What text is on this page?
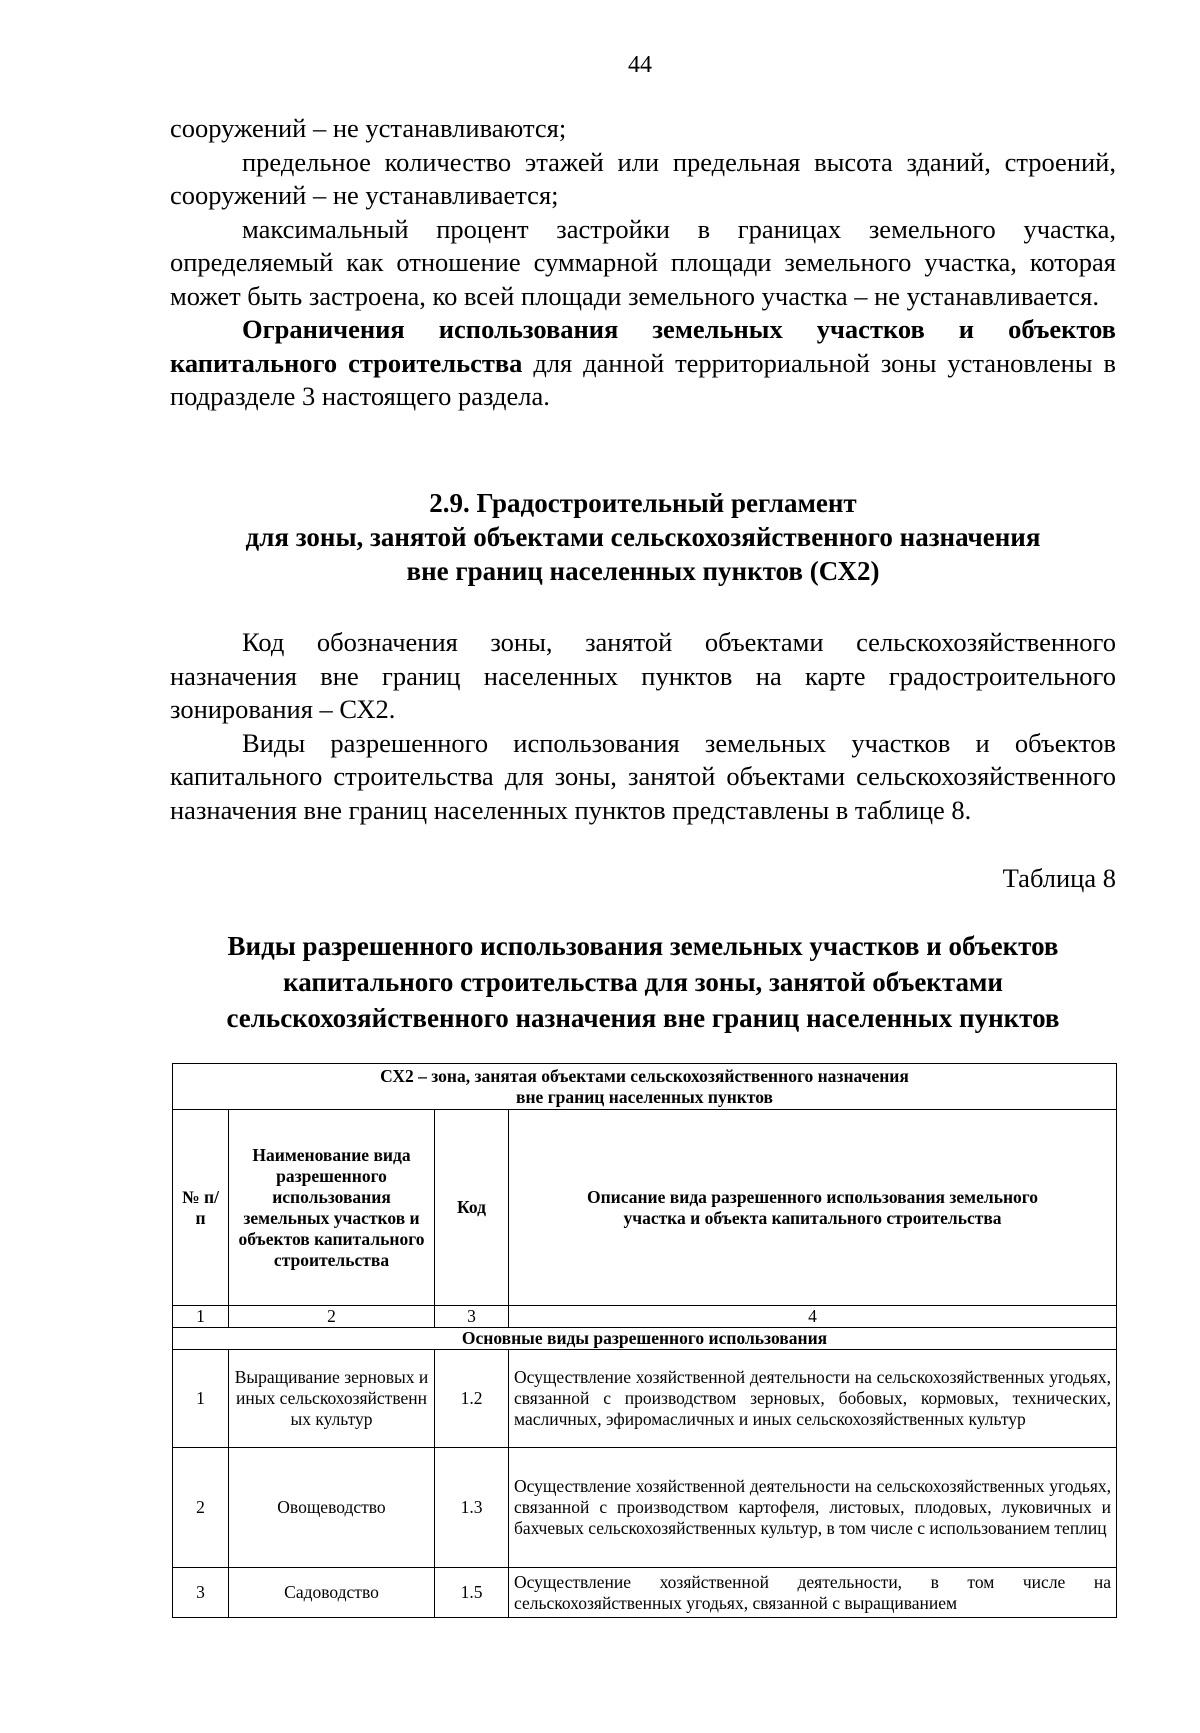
44

сооружений – не устанавливаются;

предельное количество этажей или предельная высота зданий, строений, сооружений – не устанавливается;

максимальный процент застройки в границах земельного участка, определяемый как отношение суммарной площади земельного участка, которая может быть застроена, ко всей площади земельного участка – не устанавливается.

Ограничения использования земельных участков и объектов капитального строительства для данной территориальной зоны установлены в подразделе 3 настоящего раздела.

2.9. Градостроительный регламент
для зоны, занятой объектами сельскохозяйственного назначения
вне границ населенных пунктов (СХ2)

Код обозначения зоны, занятой объектами сельскохозяйственного назначения вне границ населенных пунктов на карте градостроительного зонирования – СХ2.

Виды разрешенного использования земельных участков и объектов капитального строительства для зоны, занятой объектами сельскохозяйственного назначения вне границ населенных пунктов представлены в таблице 8.

Таблица 8

Виды разрешенного использования земельных участков и объектов
капитального строительства для зоны, занятой объектами
сельскохозяйственного назначения вне границ населенных пунктов
СХ2 – зона, занятая объектами сельскохозяйственного назначения
вне границ населенных пунктов			

№ п/п	Наименование вида разрешенного использования земельных участков и объектов капитального строительства	Код	Описание вида разрешенного использования земельного участка и объекта капитального строительства
1	2	3	4
Основные виды разрешенного использования			
1	Выращивание зерновых и иных сельскохозяйственн ых культур	1.2	Осуществление хозяйственной деятельности на сельскохозяйственных угодьях, связанной с производством зерновых, бобовых, кормовых, технических, масличных, эфиромасличных и иных сельскохозяйственных культур
2	Овощеводство	1.3	Осуществление хозяйственной деятельности на сельскохозяйственных угодьях, связанной с производством картофеля, листовых, плодовых, луковичных и бахчевых сельскохозяйственных культур, в том числе с использованием теплиц
3	Садоводство	1.5	Осуществление хозяйственной деятельности, в том числе на сельскохозяйственных угодьях, связанной с выращиванием
